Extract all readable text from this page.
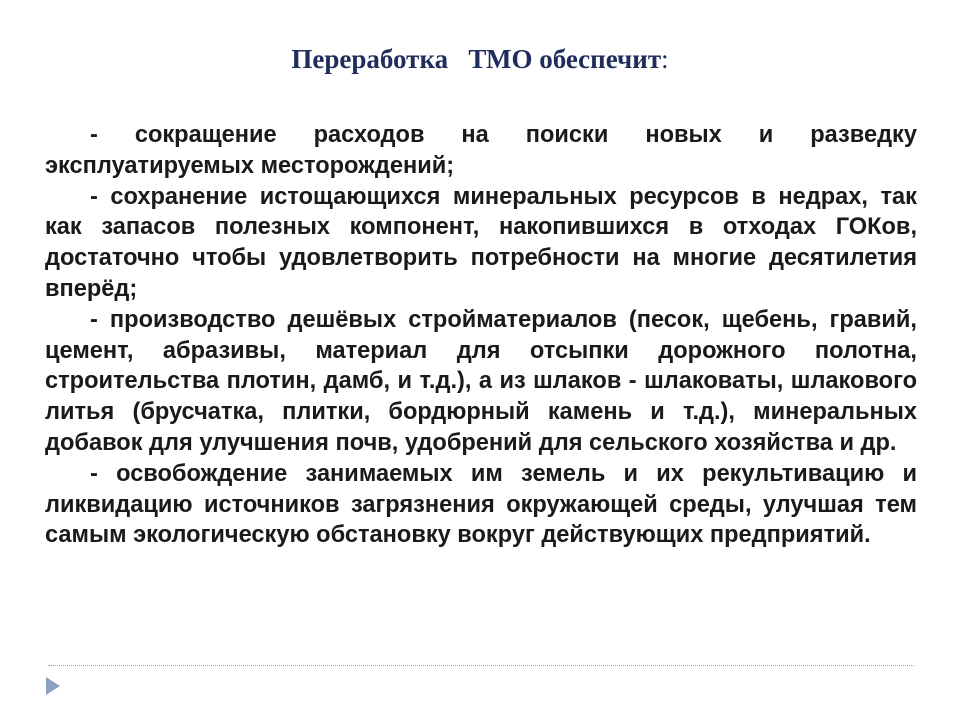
Переработка   ТМО обеспечит:

- сокращение расходов на поиски новых и разведку эксплуатируемых месторождений;

- сохранение истощающихся минеральных ресурсов в недрах, так как запасов полезных компонент, накопившихся в отходах ГОКов, достаточно чтобы удовлетворить потребности на многие десятилетия вперёд;

- производство дешёвых стройматериалов (песок, щебень, гравий, цемент, абразивы, материал для отсыпки дорожного полотна, строительства плотин, дамб, и т.д.), а из шлаков - шлаковаты, шлакового литья (брусчатка, плитки, бордюрный камень и т.д.), минеральных добавок для улучшения почв, удобрений для сельского хозяйства и др.

- освобождение занимаемых им земель и их рекультивацию и ликвидацию источников загрязнения окружающей среды, улучшая тем самым экологическую обстановку вокруг действующих предприятий.
